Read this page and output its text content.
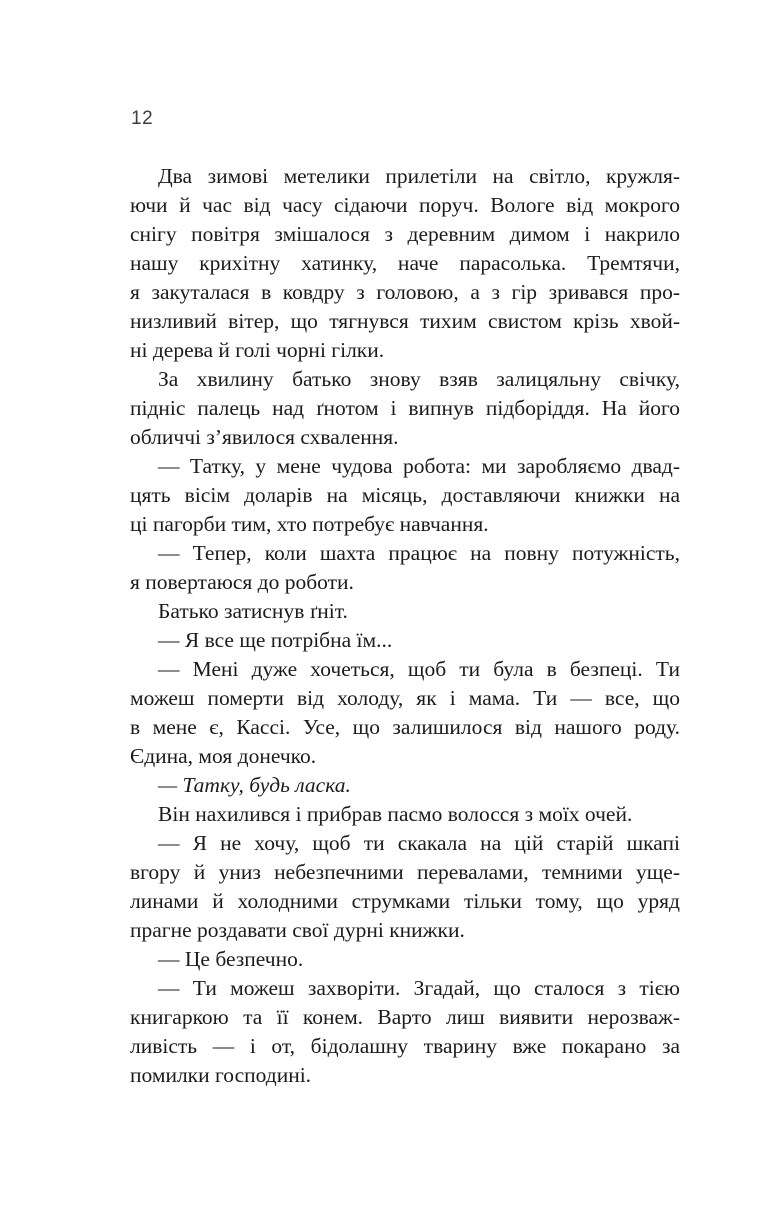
12
Два зимові метелики прилетіли на світло, кружля-
ючи й час від часу сідаючи поруч. Вологе від мокрого
снігу повітря змішалося з деревним димом і накрило
нашу крихітну хатинку, наче парасолька. Тремтячи,
я закуталася в ковдру з головою, а з гір зривався про-
низливий вітер, що тягнувся тихим свистом крізь хвой-
ні дерева й голі чорні гілки.
За хвилину батько знову взяв залицяльну свічку,
підніс палець над ґнотом і випнув підборіддя. На його
обличчі з’явилося схвалення.
— Татку, у мене чудова робота: ми заробляємо двад-
цять вісім доларів на місяць, доставляючи книжки на
ці пагорби тим, хто потребує навчання.
— Тепер, коли шахта працює на повну потужність,
я повертаюся до роботи.
Батько затиснув ґніт.
— Я все ще потрібна їм...
— Мені дуже хочеться, щоб ти була в безпеці. Ти
можеш померти від холоду, як і мама. Ти — все, що
в мене є, Кассі. Усе, що залишилося від нашого роду.
Єдина, моя донечко.
— Татку, будь ласка.
Він нахилився і прибрав пасмо волосся з моїх очей.
— Я не хочу, щоб ти скакала на цій старій шкапі
вгору й униз небезпечними перевалами, темними уще-
линами й холодними струмками тільки тому, що уряд
прагне роздавати свої дурні книжки.
— Це безпечно.
— Ти можеш захворіти. Згадай, що сталося з тією
книгаркою та її конем. Варто лиш виявити нерозваж-
ливість — і от, бідолашну тварину вже покарано за
помилки господині.
